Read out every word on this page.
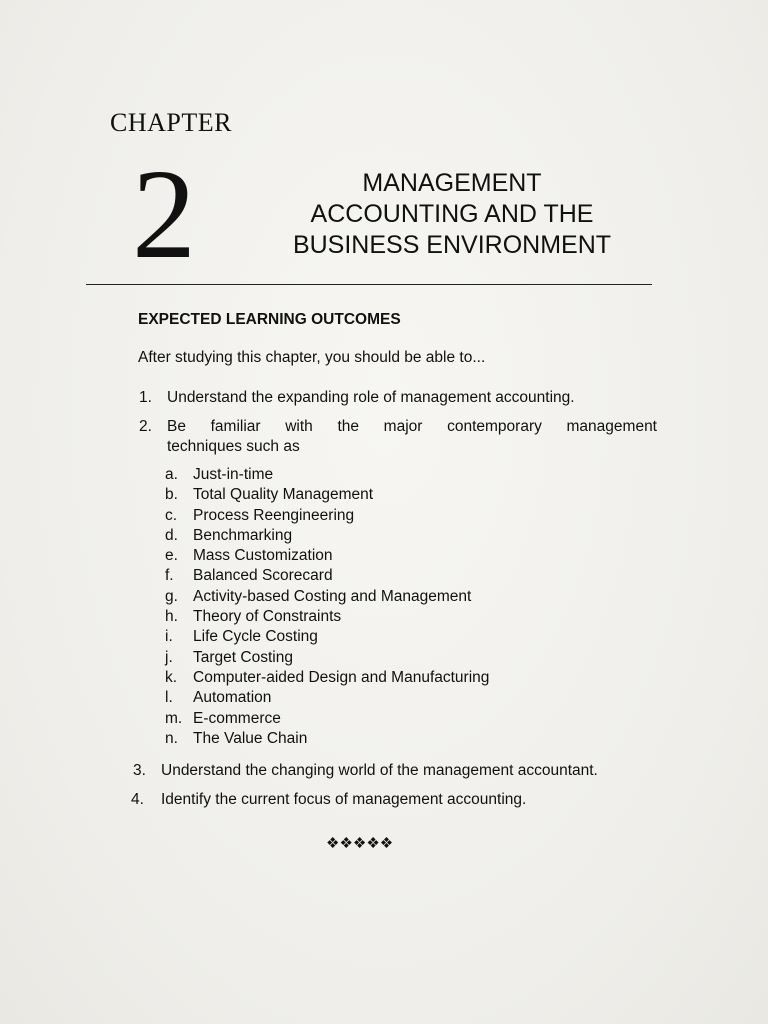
CHAPTER
2	MANAGEMENT
ACCOUNTING AND THE
BUSINESS ENVIRONMENT
EXPECTED LEARNING OUTCOMES
After studying this chapter, you should be able to...
1. Understand the expanding role of management accounting.
2. Be familiar with the major contemporary management
techniques such as
a. Just-in-time
b. Total Quality Management
c. Process Reengineering
d. Benchmarking
e. Mass Customization
f. Balanced Scorecard
g. Activity-based Costing and Management
h. Theory of Constraints
i. Life Cycle Costing
j. Target Costing
k. Computer-aided Design and Manufacturing
l. Automation
m. E-commerce
n. The Value Chain
3. Understand the changing world of the management accountant.
4. Identify the current focus of management accounting.
❖❖❖❖❖
